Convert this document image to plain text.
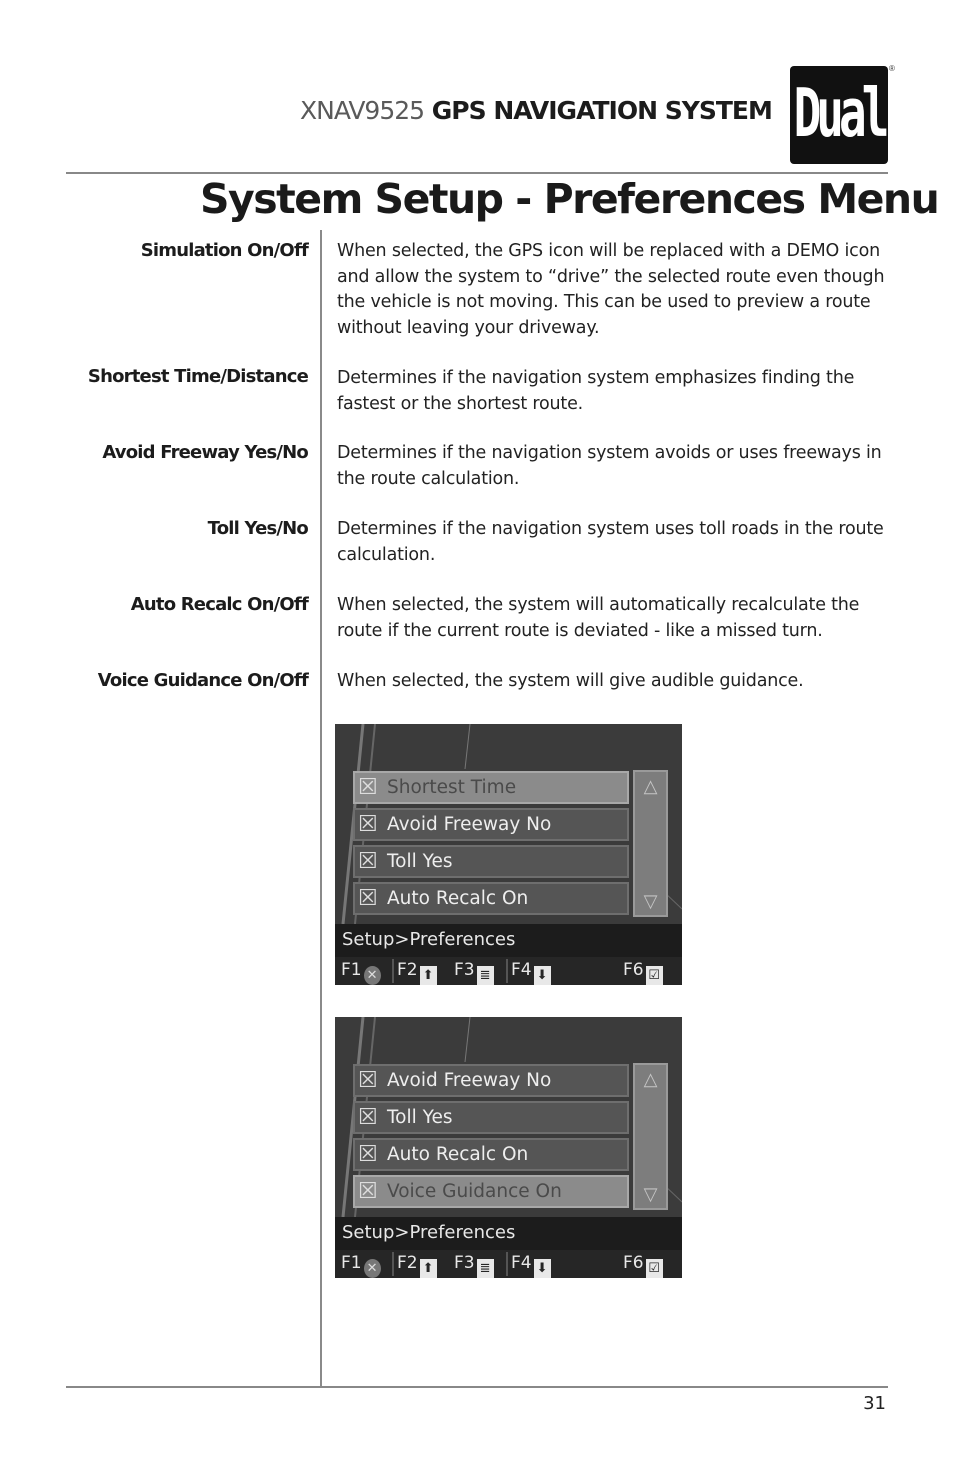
XNAV9525 GPS NAVIGATION SYSTEM Dual
®
System Setup - Preferences Menu
Simulation On/Off When selected, the GPS icon will be replaced with a DEMO icon and allow the system to “drive” the selected route even though the vehicle is not moving. This can be used to preview a route without leaving your driveway.
Shortest Time/Distance Determines if the navigation system emphasizes finding the fastest or the shortest route.
Avoid Freeway Yes/No Determines if the navigation system avoids or uses freeways in the route calculation.
Toll Yes/No Determines if the navigation system uses toll roads in the route calculation.
Auto Recalc On/Off When selected, the system will automatically recalculate the route if the current route is deviated - like a missed turn.
Voice Guidance On/Off When selected, the system will give audible guidance.
☒ Shortest Time
☒ Avoid Freeway No
☒ Toll Yes
☒ Auto Recalc On
△
▽
Setup>Preferences
F1 ✕ F2 ⬆ F3 ≣ F4 ⬇	F6 ☑
☒ Avoid Freeway No
☒ Toll Yes
☒ Auto Recalc On
☒ Voice Guidance On
△
▽
Setup>Preferences
F1 ✕ F2 ⬆ F3 ≣ F4 ⬇	F6 ☑
31
